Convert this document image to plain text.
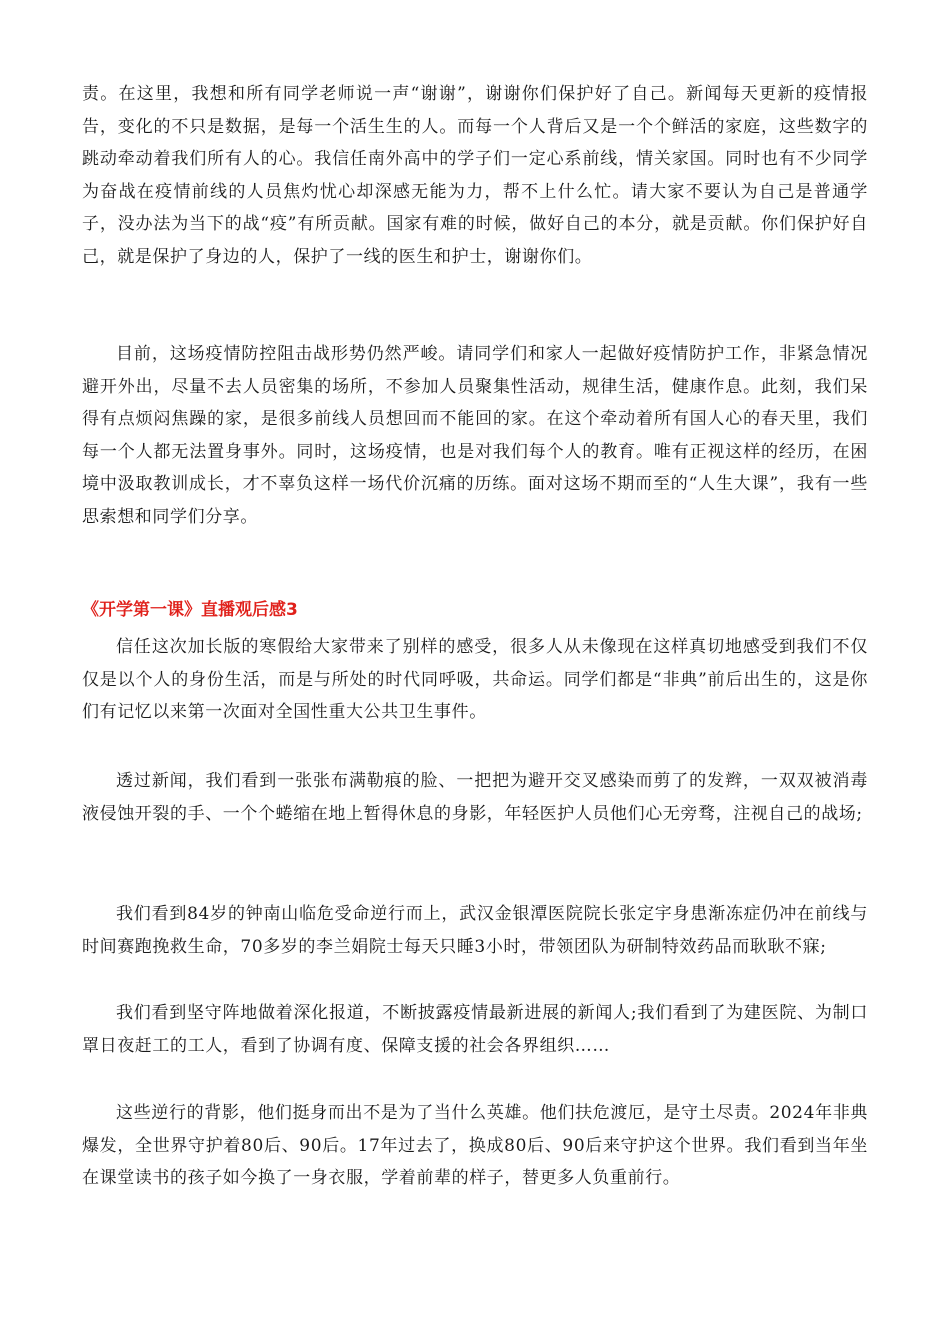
责。在这里，我想和所有同学老师说一声“谢谢”，谢谢你们保护好了自己。新闻每天更新的疫情报告，变化的不只是数据，是每一个活生生的人。而每一个人背后又是一个个鲜活的家庭，这些数字的跳动牵动着我们所有人的心。我信任南外高中的学子们一定心系前线，情关家国。同时也有不少同学为奋战在疫情前线的人员焦灼忧心却深感无能为力，帮不上什么忙。请大家不要认为自己是普通学子，没办法为当下的战“疫”有所贡献。国家有难的时候，做好自己的本分，就是贡献。你们保护好自己，就是保护了身边的人，保护了一线的医生和护士，谢谢你们。

目前，这场疫情防控阻击战形势仍然严峻。请同学们和家人一起做好疫情防护工作，非紧急情况避开外出，尽量不去人员密集的场所，不参加人员聚集性活动，规律生活，健康作息。此刻，我们呆得有点烦闷焦躁的家，是很多前线人员想回而不能回的家。在这个牵动着所有国人心的春天里，我们每一个人都无法置身事外。同时，这场疫情，也是对我们每个人的教育。唯有正视这样的经历，在困境中汲取教训成长，才不辜负这样一场代价沉痛的历练。面对这场不期而至的“人生大课”，我有一些思索想和同学们分享。

《开学第一课》直播观后感3

信任这次加长版的寒假给大家带来了别样的感受，很多人从未像现在这样真切地感受到我们不仅仅是以个人的身份生活，而是与所处的时代同呼吸，共命运。同学们都是“非典”前后出生的，这是你们有记忆以来第一次面对全国性重大公共卫生事件。

透过新闻，我们看到一张张布满勒痕的脸、一把把为避开交叉感染而剪了的发辫，一双双被消毒液侵蚀开裂的手、一个个蜷缩在地上暂得休息的身影，年轻医护人员他们心无旁骛，注视自己的战场;

我们看到84岁的钟南山临危受命逆行而上，武汉金银潭医院院长张定宇身患渐冻症仍冲在前线与时间赛跑挽救生命，70多岁的李兰娟院士每天只睡3小时，带领团队为研制特效药品而耿耿不寐;

我们看到坚守阵地做着深化报道，不断披露疫情最新进展的新闻人;我们看到了为建医院、为制口罩日夜赶工的工人，看到了协调有度、保障支援的社会各界组织……

这些逆行的背影，他们挺身而出不是为了当什么英雄。他们扶危渡厄，是守土尽责。2024年非典爆发，全世界守护着80后、90后。17年过去了，换成80后、90后来守护这个世界。我们看到当年坐在课堂读书的孩子如今换了一身衣服，学着前辈的样子，替更多人负重前行。
